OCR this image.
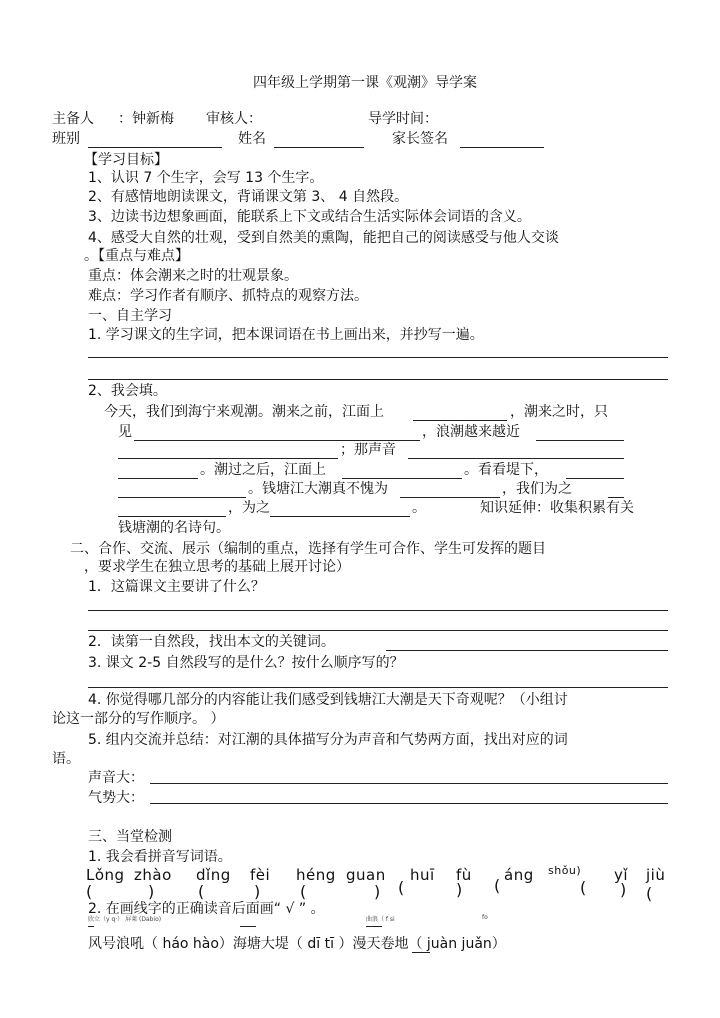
四年级上学期第一课《观潮》导学案
主备人 ：钟新梅 审核人：	导学时间：
班别	姓名	家长签名
【学习目标】
1、认识 7 个生字，会写 13 个生字。
2、有感情地朗读课文，背诵课文第 3、 4 自然段。
3、边读书边想象画面，能联系上下文或结合生活实际体会词语的含义。
4、感受大自然的壮观，受到自然美的熏陶，能把自己的阅读感受与他人交谈
。【重点与难点】
重点：体会潮来之时的壮观景象。
难点：学习作者有顺序、抓特点的观察方法。
一、自主学习
1. 学习课文的生字词，把本课词语在书上画出来，并抄写一遍。
2、我会填。
今天，我们到海宁来观潮。潮来之前，江面上	，潮来之时，只
见	，浪潮越来越近
；那声音
。潮过之后，江面上	。看看堤下，
。钱塘江大潮真不愧为	，我们为之
，为之	。	知识延伸：收集积累有关
钱塘潮的名诗句。
二、合作、交流、展示（编制的重点，选择有学生可合作、学生可发挥的题目
，要求学生在独立思考的基础上展开讨论）
1．这篇课文主要讲了什么？
2．读第一自然段，找出本文的关键词。
3. 课文 2-5 自然段写的是什么？按什么顺序写的？
4. 你觉得哪几部分的内容能让我们感受到钱塘江大潮是天下奇观呢？（小组讨
论这一部分的写作顺序。 ）
5. 组内交流并总结：对江潮的具体描写分为声音和气势两方面，找出对应的词
语。
声音大：
气势大：
三、当堂检测
1. 我会看拼音写词语。
Lǒng zhào dǐng fèi héng guan huī fù áng shǒu) yǐ jiù
(	)	(	) (	) (	) (	( ) (
2. 在画线字的正确读音后面画“ √ ” 。
欣立（y q·） 屏莱 (Dabio)	曲浪（ f si	fo
风号浪吼（ háo hào）海塘大堤（ dī tī ）漫天卷地（ juàn juǎn）
